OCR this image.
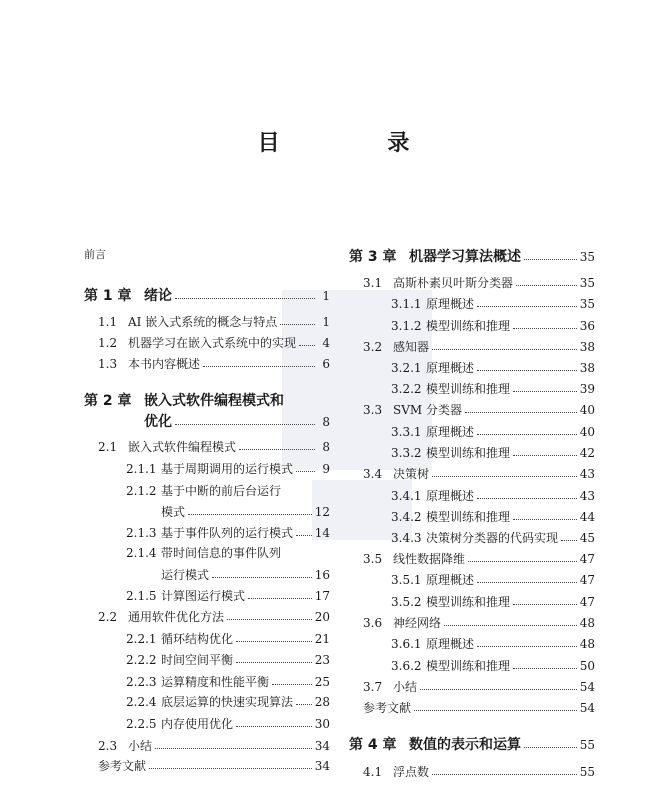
目 录
前言
第 1 章 绪论	1
1.1 AI 嵌入式系统的概念与特点	1
1.2 机器学习在嵌入式系统中的实现	4
1.3 本书内容概述	6
第 2 章 嵌入式软件编程模式和
优化	8
2.1 嵌入式软件编程模式	8
2.1.1 基于周期调用的运行模式	9
2.1.2 基于中断的前后台运行
模式	12
2.1.3 基于事件队列的运行模式 14
2.1.4 带时间信息的事件队列
运行模式	16
2.1.5 计算图运行模式	17
2.2 通用软件优化方法	20
2.2.1 循环结构优化	21
2.2.2 时间空间平衡	23
2.2.3 运算精度和性能平衡	25
2.2.4 底层运算的快速实现算法 28
2.2.5 内存使用优化	30
2.3 小结	34
参考文献	34
第 3 章 机器学习算法概述	35
3.1 高斯朴素贝叶斯分类器	35
3.1.1 原理概述	35
3.1.2 模型训练和推理	36
3.2 感知器	38
3.2.1 原理概述	38
3.2.2 模型训练和推理	39
3.3 SVM 分类器	40
3.3.1 原理概述	40
3.3.2 模型训练和推理	42
3.4 决策树	43
3.4.1 原理概述	43
3.4.2 模型训练和推理	44
3.4.3 决策树分类器的代码实现 45
3.5 线性数据降维	47
3.5.1 原理概述	47
3.5.2 模型训练和推理	47
3.6 神经网络	48
3.6.1 原理概述	48
3.6.2 模型训练和推理	50
3.7 小结	54
参考文献	54
第 4 章 数值的表示和运算	55
4.1 浮点数	55
